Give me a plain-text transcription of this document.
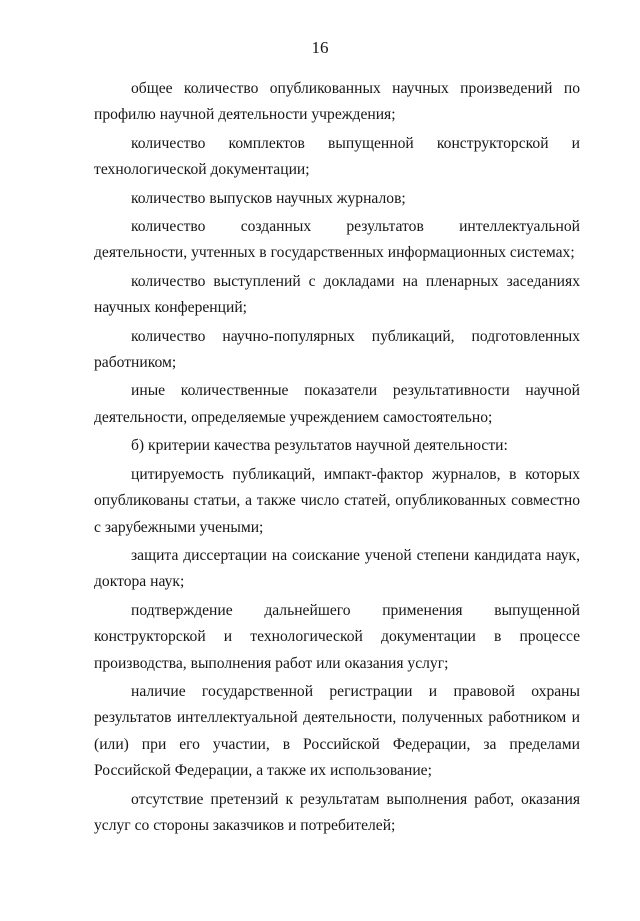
16

общее количество опубликованных научных произведений по профилю научной деятельности учреждения;

количество комплектов выпущенной конструкторской и технологической документации;

количество выпусков научных журналов;

количество созданных результатов интеллектуальной деятельности, учтенных в государственных информационных системах;

количество выступлений с докладами на пленарных заседаниях научных конференций;

количество научно-популярных публикаций, подготовленных работником;

иные количественные показатели результативности научной деятельности, определяемые учреждением самостоятельно;

б) критерии качества результатов научной деятельности:

цитируемость публикаций, импакт-фактор журналов, в которых опубликованы статьи, а также число статей, опубликованных совместно с зарубежными учеными;

защита диссертации на соискание ученой степени кандидата наук, доктора наук;

подтверждение дальнейшего применения выпущенной конструкторской и технологической документации в процессе производства, выполнения работ или оказания услуг;

наличие государственной регистрации и правовой охраны результатов интеллектуальной деятельности, полученных работником и (или) при его участии, в Российской Федерации, за пределами Российской Федерации, а также их использование;

отсутствие претензий к результатам выполнения работ, оказания услуг со стороны заказчиков и потребителей;
